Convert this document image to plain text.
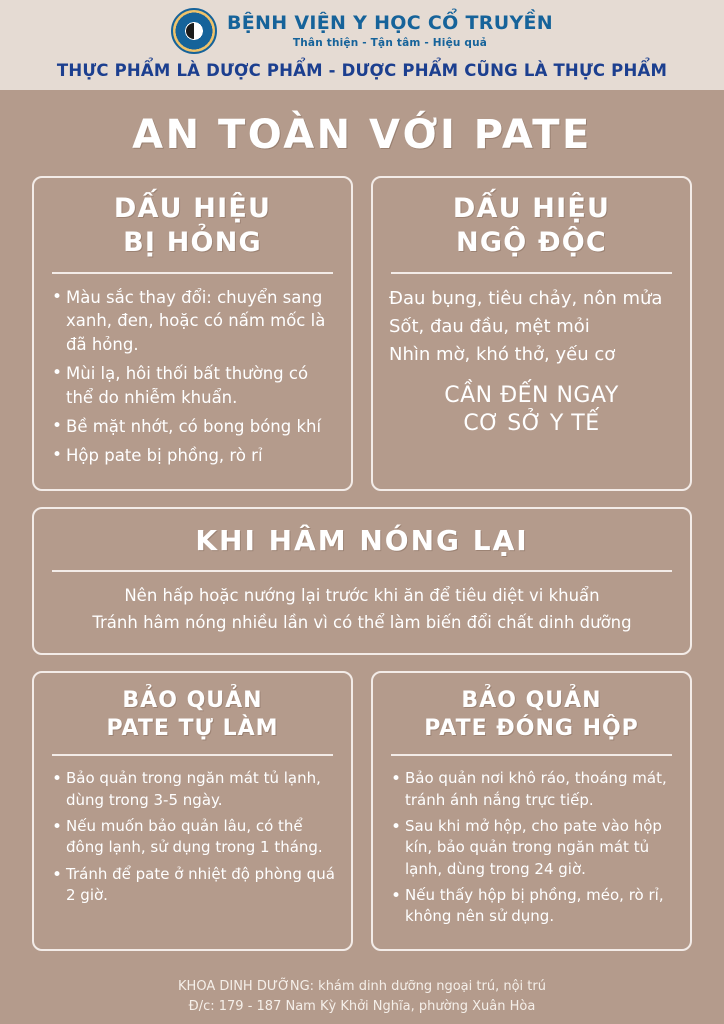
BỆNH VIỆN Y HỌC CỔ TRUYỀN
Thân thiện - Tận tâm - Hiệu quả
THỰC PHẨM LÀ DƯỢC PHẨM - DƯỢC PHẨM CŨNG LÀ THỰC PHẨM
AN TOÀN VỚI PATE
DẤU HIỆU
BỊ HỎNG
• Màu sắc thay đổi: chuyển sang xanh, đen, hoặc có nấm mốc là đã hỏng.
• Mùi lạ, hôi thối bất thường có thể do nhiễm khuẩn.
• Bề mặt nhớt, có bong bóng khí
• Hộp pate bị phồng, rò rỉ
DẤU HIỆU
NGỘ ĐỘC

Đau bụng, tiêu chảy, nôn mửa

Sốt, đau đầu, mệt mỏi

Nhìn mờ, khó thở, yếu cơ

CẦN ĐẾN NGAY
CƠ SỞ Y TẾ
KHI HÂM NÓNG LẠI

Nên hấp hoặc nướng lại trước khi ăn để tiêu diệt vi khuẩn

Tránh hâm nóng nhiều lần vì có thể làm biến đổi chất dinh dưỡng

BẢO QUẢN
PATE TỰ LÀM
• Bảo quản trong ngăn mát tủ lạnh, dùng trong 3-5 ngày.
• Nếu muốn bảo quản lâu, có thể đông lạnh, sử dụng trong 1 tháng.
• Tránh để pate ở nhiệt độ phòng quá 2 giờ.
BẢO QUẢN
PATE ĐÓNG HỘP
• Bảo quản nơi khô ráo, thoáng mát, tránh ánh nắng trực tiếp.
• Sau khi mở hộp, cho pate vào hộp kín, bảo quản trong ngăn mát tủ lạnh, dùng trong 24 giờ.
• Nếu thấy hộp bị phồng, méo, rò rỉ, không nên sử dụng.
KHOA DINH DƯỠNG: khám dinh dưỡng ngoại trú, nội trú
Đ/c: 179 - 187 Nam Kỳ Khởi Nghĩa, phường Xuân Hòa
